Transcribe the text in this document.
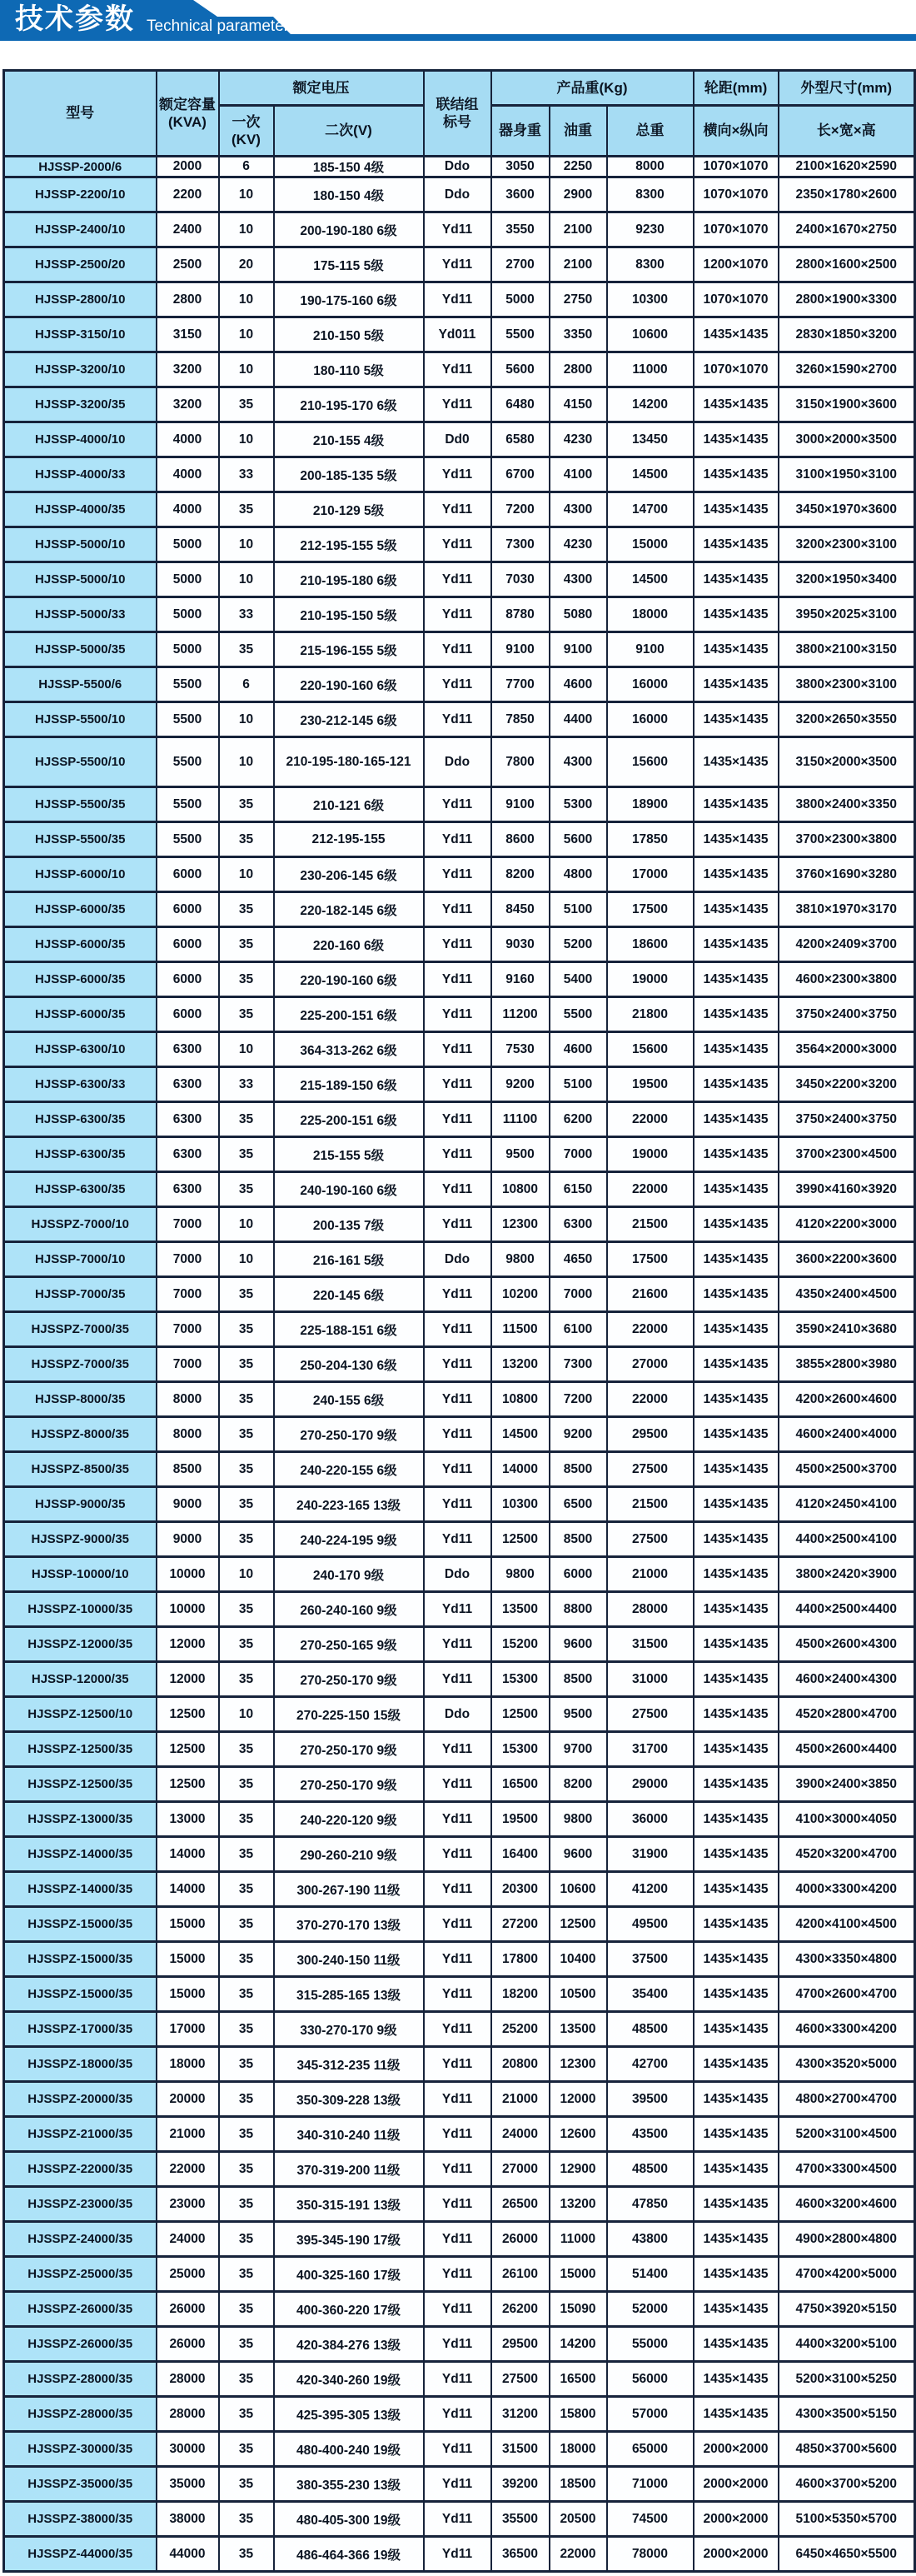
技术参数 Technical parameter
型号	
额定容量
(KVA)
	额定电压	
联结组
标号
	产品重(Kg)	轮距(mm)	外型尺寸(mm)

		一次
(KV)	二次(V)		器身重	油重	总重	横向×纵向	长×宽×高
HJSSP-2000/6	2000	6	185-150 4级	Ddo	3050	2250	8000	1070×1070	2100×1620×2590
HJSSP-2200/10	2200	10	180-150 4级	Ddo	3600	2900	8300	1070×1070	2350×1780×2600
HJSSP-2400/10	2400	10	200-190-180 6级	Yd11	3550	2100	9230	1070×1070	2400×1670×2750
HJSSP-2500/20	2500	20	175-115 5级	Yd11	2700	2100	8300	1200×1070	2800×1600×2500
HJSSP-2800/10	2800	10	190-175-160 6级	Yd11	5000	2750	10300	1070×1070	2800×1900×3300
HJSSP-3150/10	3150	10	210-150 5级	Yd011	5500	3350	10600	1435×1435	2830×1850×3200
HJSSP-3200/10	3200	10	180-110 5级	Yd11	5600	2800	11000	1070×1070	3260×1590×2700
HJSSP-3200/35	3200	35	210-195-170 6级	Yd11	6480	4150	14200	1435×1435	3150×1900×3600
HJSSP-4000/10	4000	10	210-155 4级	Dd0	6580	4230	13450	1435×1435	3000×2000×3500
HJSSP-4000/33	4000	33	200-185-135 5级	Yd11	6700	4100	14500	1435×1435	3100×1950×3100
HJSSP-4000/35	4000	35	210-129 5级	Yd11	7200	4300	14700	1435×1435	3450×1970×3600
HJSSP-5000/10	5000	10	212-195-155 5级	Yd11	7300	4230	15000	1435×1435	3200×2300×3100
HJSSP-5000/10	5000	10	210-195-180 6级	Yd11	7030	4300	14500	1435×1435	3200×1950×3400
HJSSP-5000/33	5000	33	210-195-150 5级	Yd11	8780	5080	18000	1435×1435	3950×2025×3100
HJSSP-5000/35	5000	35	215-196-155 5级	Yd11	9100	9100	9100	1435×1435	3800×2100×3150
HJSSP-5500/6	5500	6	220-190-160 6级	Yd11	7700	4600	16000	1435×1435	3800×2300×3100
HJSSP-5500/10	5500	10	230-212-145 6级	Yd11	7850	4400	16000	1435×1435	3200×2650×3550
HJSSP-5500/10	5500	10	210-195-180-165-121	Ddo	7800	4300	15600	1435×1435	3150×2000×3500
HJSSP-5500/35	5500	35	210-121 6级	Yd11	9100	5300	18900	1435×1435	3800×2400×3350
HJSSP-5500/35	5500	35	212-195-155	Yd11	8600	5600	17850	1435×1435	3700×2300×3800
HJSSP-6000/10	6000	10	230-206-145 6级	Yd11	8200	4800	17000	1435×1435	3760×1690×3280
HJSSP-6000/35	6000	35	220-182-145 6级	Yd11	8450	5100	17500	1435×1435	3810×1970×3170
HJSSP-6000/35	6000	35	220-160 6级	Yd11	9030	5200	18600	1435×1435	4200×2409×3700
HJSSP-6000/35	6000	35	220-190-160 6级	Yd11	9160	5400	19000	1435×1435	4600×2300×3800
HJSSP-6000/35	6000	35	225-200-151 6级	Yd11	11200	5500	21800	1435×1435	3750×2400×3750
HJSSP-6300/10	6300	10	364-313-262 6级	Yd11	7530	4600	15600	1435×1435	3564×2000×3000
HJSSP-6300/33	6300	33	215-189-150 6级	Yd11	9200	5100	19500	1435×1435	3450×2200×3200
HJSSP-6300/35	6300	35	225-200-151 6级	Yd11	11100	6200	22000	1435×1435	3750×2400×3750
HJSSP-6300/35	6300	35	215-155 5级	Yd11	9500	7000	19000	1435×1435	3700×2300×4500
HJSSP-6300/35	6300	35	240-190-160 6级	Yd11	10800	6150	22000	1435×1435	3990×4160×3920
HJSSPZ-7000/10	7000	10	200-135 7级	Yd11	12300	6300	21500	1435×1435	4120×2200×3000
HJSSP-7000/10	7000	10	216-161 5级	Ddo	9800	4650	17500	1435×1435	3600×2200×3600
HJSSP-7000/35	7000	35	220-145 6级	Yd11	10200	7000	21600	1435×1435	4350×2400×4500
HJSSPZ-7000/35	7000	35	225-188-151 6级	Yd11	11500	6100	22000	1435×1435	3590×2410×3680
HJSSPZ-7000/35	7000	35	250-204-130 6级	Yd11	13200	7300	27000	1435×1435	3855×2800×3980
HJSSP-8000/35	8000	35	240-155 6级	Yd11	10800	7200	22000	1435×1435	4200×2600×4600
HJSSPZ-8000/35	8000	35	270-250-170 9级	Yd11	14500	9200	29500	1435×1435	4600×2400×4000
HJSSPZ-8500/35	8500	35	240-220-155 6级	Yd11	14000	8500	27500	1435×1435	4500×2500×3700
HJSSP-9000/35	9000	35	240-223-165 13级	Yd11	10300	6500	21500	1435×1435	4120×2450×4100
HJSSPZ-9000/35	9000	35	240-224-195 9级	Yd11	12500	8500	27500	1435×1435	4400×2500×4100
HJSSP-10000/10	10000	10	240-170 9级	Ddo	9800	6000	21000	1435×1435	3800×2420×3900
HJSSPZ-10000/35	10000	35	260-240-160 9级	Yd11	13500	8800	28000	1435×1435	4400×2500×4400
HJSSPZ-12000/35	12000	35	270-250-165 9级	Yd11	15200	9600	31500	1435×1435	4500×2600×4300
HJSSP-12000/35	12000	35	270-250-170 9级	Yd11	15300	8500	31000	1435×1435	4600×2400×4300
HJSSPZ-12500/10	12500	10	270-225-150 15级	Ddo	12500	9500	27500	1435×1435	4520×2800×4700
HJSSPZ-12500/35	12500	35	270-250-170 9级	Yd11	15300	9700	31700	1435×1435	4500×2600×4400
HJSSPZ-12500/35	12500	35	270-250-170 9级	Yd11	16500	8200	29000	1435×1435	3900×2400×3850
HJSSPZ-13000/35	13000	35	240-220-120 9级	Yd11	19500	9800	36000	1435×1435	4100×3000×4050
HJSSPZ-14000/35	14000	35	290-260-210 9级	Yd11	16400	9600	31900	1435×1435	4520×3200×4700
HJSSPZ-14000/35	14000	35	300-267-190 11级	Yd11	20300	10600	41200	1435×1435	4000×3300×4200
HJSSPZ-15000/35	15000	35	370-270-170 13级	Yd11	27200	12500	49500	1435×1435	4200×4100×4500
HJSSPZ-15000/35	15000	35	300-240-150 11级	Yd11	17800	10400	37500	1435×1435	4300×3350×4800
HJSSPZ-15000/35	15000	35	315-285-165 13级	Yd11	18200	10500	35400	1435×1435	4700×2600×4700
HJSSPZ-17000/35	17000	35	330-270-170 9级	Yd11	25200	13500	48500	1435×1435	4600×3300×4200
HJSSPZ-18000/35	18000	35	345-312-235 11级	Yd11	20800	12300	42700	1435×1435	4300×3520×5000
HJSSPZ-20000/35	20000	35	350-309-228 13级	Yd11	21000	12000	39500	1435×1435	4800×2700×4700
HJSSPZ-21000/35	21000	35	340-310-240 11级	Yd11	24000	12600	43500	1435×1435	5200×3100×4500
HJSSPZ-22000/35	22000	35	370-319-200 11级	Yd11	27000	12900	48500	1435×1435	4700×3300×4500
HJSSPZ-23000/35	23000	35	350-315-191 13级	Yd11	26500	13200	47850	1435×1435	4600×3200×4600
HJSSPZ-24000/35	24000	35	395-345-190 17级	Yd11	26000	11000	43800	1435×1435	4900×2800×4800
HJSSPZ-25000/35	25000	35	400-325-160 17级	Yd11	26100	15000	51400	1435×1435	4700×4200×5000
HJSSPZ-26000/35	26000	35	400-360-220 17级	Yd11	26200	15090	52000	1435×1435	4750×3920×5150
HJSSPZ-26000/35	26000	35	420-384-276 13级	Yd11	29500	14200	55000	1435×1435	4400×3200×5100
HJSSPZ-28000/35	28000	35	420-340-260 19级	Yd11	27500	16500	56000	1435×1435	5200×3100×5250
HJSSPZ-28000/35	28000	35	425-395-305 13级	Yd11	31200	15800	57000	1435×1435	4300×3500×5150
HJSSPZ-30000/35	30000	35	480-400-240 19级	Yd11	31500	18000	65000	2000×2000	4850×3700×5600
HJSSPZ-35000/35	35000	35	380-355-230 13级	Yd11	39200	18500	71000	2000×2000	4600×3700×5200
HJSSPZ-38000/35	38000	35	480-405-300 19级	Yd11	35500	20500	74500	2000×2000	5100×5350×5700
HJSSPZ-44000/35	44000	35	486-464-366 19级	Yd11	36500	22000	78000	2000×2000	6450×4650×5500
